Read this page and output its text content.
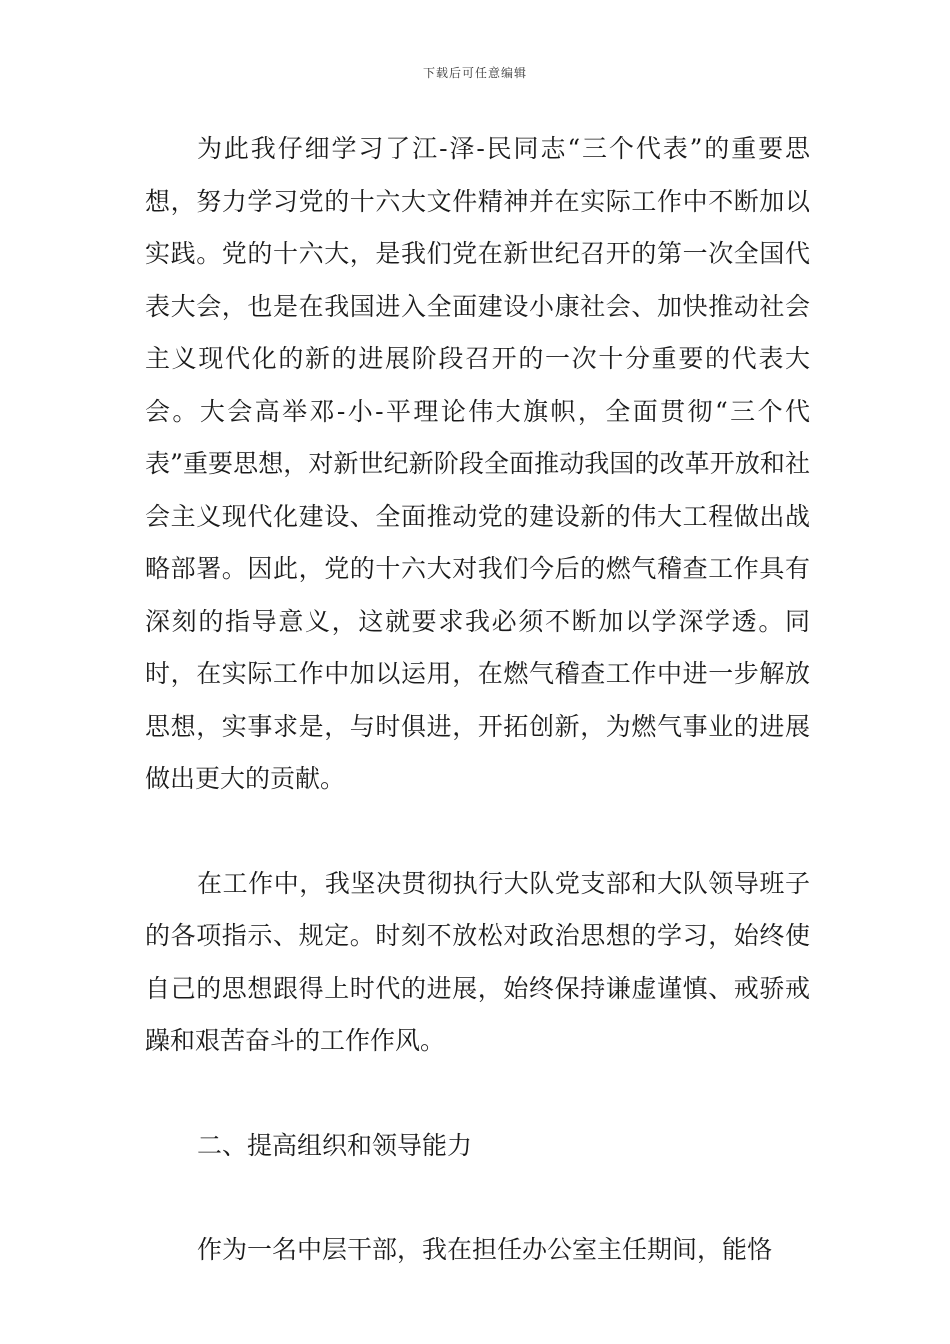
下载后可任意编辑

为此我仔细学习了江-泽-民同志“三个代表”的重要思想，努力学习党的十六大文件精神并在实际工作中不断加以实践。党的十六大，是我们党在新世纪召开的第一次全国代表大会，也是在我国进入全面建设小康社会、加快推动社会主义现代化的新的进展阶段召开的一次十分重要的代表大会。大会高举邓-小-平理论伟大旗帜，全面贯彻“三个代表”重要思想，对新世纪新阶段全面推动我国的改革开放和社会主义现代化建设、全面推动党的建设新的伟大工程做出战略部署。因此，党的十六大对我们今后的燃气稽查工作具有深刻的指导意义，这就要求我必须不断加以学深学透。同时，在实际工作中加以运用，在燃气稽查工作中进一步解放思想，实事求是，与时俱进，开拓创新，为燃气事业的进展做出更大的贡献。

在工作中，我坚决贯彻执行大队党支部和大队领导班子的各项指示、规定。时刻不放松对政治思想的学习，始终使自己的思想跟得上时代的进展，始终保持谦虚谨慎、戒骄戒躁和艰苦奋斗的工作作风。

二、提高组织和领导能力

作为一名中层干部，我在担任办公室主任期间，能恪
